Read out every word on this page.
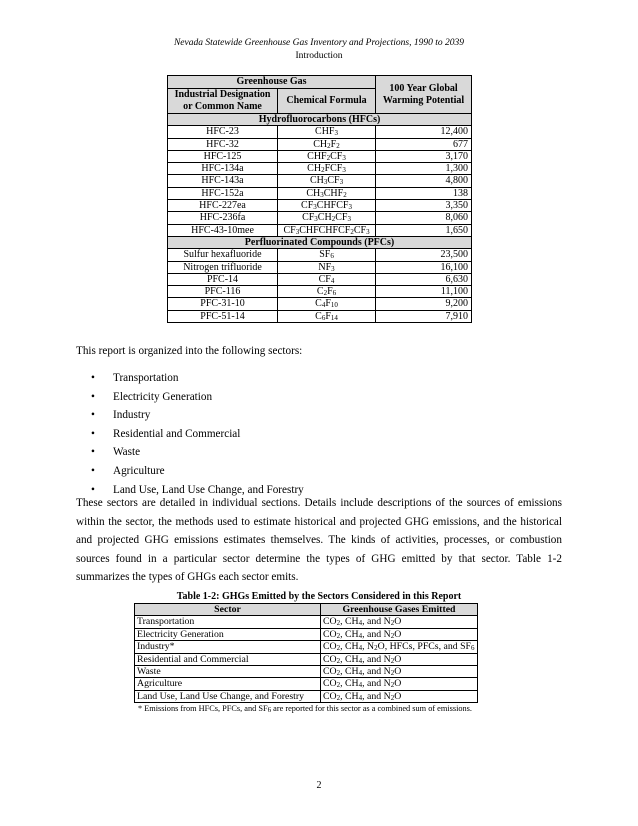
Nevada Statewide Greenhouse Gas Inventory and Projections, 1990 to 2039
Introduction
Greenhouse Gas		100 Year Global Warming Potential
Industrial Designation or Common Name	Chemical Formula	
Hydrofluorocarbons (HFCs)		
HFC-23	$CHF_3$	12,400
HFC-32	$CH_2F_2$	677
HFC-125	$CHF_2CF_3$	3,170
HFC-134a	$CH_2FCF_3$	1,300
HFC-143a	$CH_3CF_3$	4,800
HFC-152a	$CH_3CHF_2$	138
HFC-227ea	$CF_3CHFCF_3$	3,350
HFC-236fa	$CF_3CH_2CF_3$	8,060
HFC-43-10mee	$CF_3CHFCHFCF_2CF_3$	1,650
Perfluorinated Compounds (PFCs)		
Sulfur hexafluoride	$SF_6$	23,500
Nitrogen trifluoride	$NF_3$	16,100
PFC-14	$CF_4$	6,630
PFC-116	$C_2F_6$	11,100
PFC-31-10	$C_4F_{10}$	9,200
PFC-51-14	$C_6F_{14}$	7,910
This report is organized into the following sectors:
• Transportation
• Electricity Generation
• Industry
• Residential and Commercial
• Waste
• Agriculture
• Land Use, Land Use Change, and Forestry
These sectors are detailed in individual sections. Details include descriptions of the sources of emissions within the sector, the methods used to estimate historical and projected GHG emissions, and the historical and projected GHG emissions estimates themselves. The kinds of activities, processes, or combustion sources found in a particular sector determine the types of GHG emitted by that sector. Table 1-2 summarizes the types of GHGs each sector emits.
Table 1-2: GHGs Emitted by the Sectors Considered in this Report
Sector	Greenhouse Gases Emitted
Transportation	$CO_2$, $CH_4$, and $N_2O$
Electricity Generation	$CO_2$, $CH_4$, and $N_2O$
Industry*	$CO_2$, $CH_4$, $N_2O$, HFCs, PFCs, and $SF_6$
Residential and Commercial	$CO_2$, $CH_4$, and $N_2O$
Waste	$CO_2$, $CH_4$, and $N_2O$
Agriculture	$CO_2$, $CH_4$, and $N_2O$
Land Use, Land Use Change, and Forestry	$CO_2$, $CH_4$, and $N_2O$
* Emissions from HFCs, PFCs, and $SF_6$ are reported for this sector as a combined sum of emissions.
2
